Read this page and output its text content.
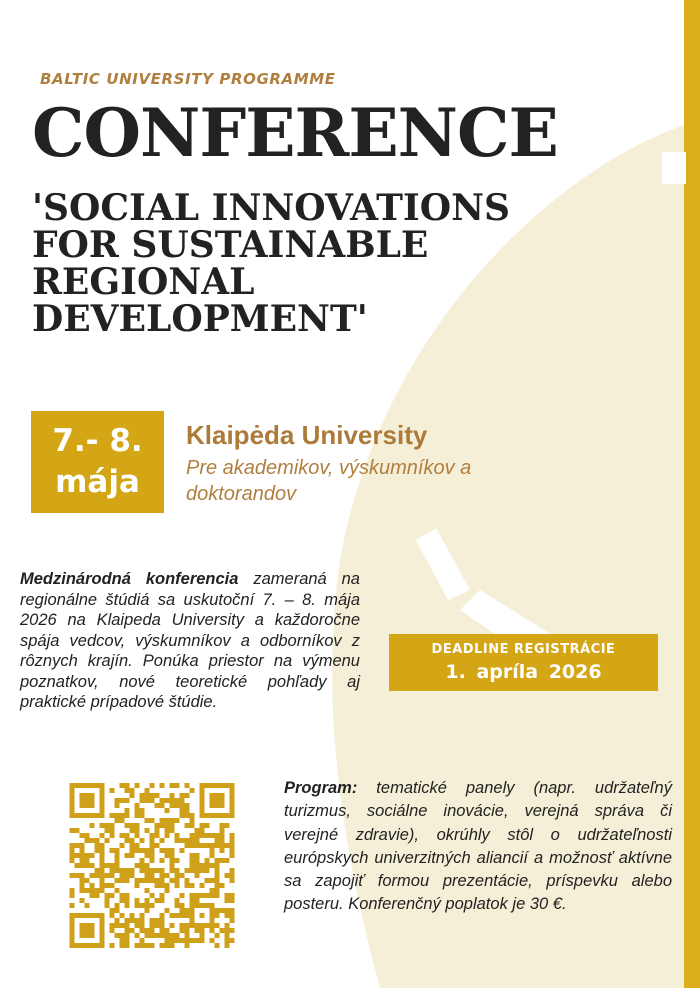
BALTIC UNIVERSITY PROGRAMME
CONFERENCE
'SOCIAL INNOVATIONS FOR SUSTAINABLE REGIONAL DEVELOPMENT'
7.- 8.
mája
Klaipėda University
Pre akademikov, výskumníkov a doktorandov
Medzinárodná konferencia zameraná na regionálne štúdiá sa uskutoční 7. – 8. mája 2026 na Klaipeda University a každoročne spája vedcov, výskumníkov a odborníkov z rôznych krajín. Ponúka priestor na výmenu poznatkov, nové teoretické pohľady aj praktické prípadové štúdie.
DEADLINE REGISTRÁCIE
1. apríla 2026
Program: tematické panely (napr. udržateľný turizmus, sociálne inovácie, verejná správa či verejné zdravie), okrúhly stôl o udržateľnosti európskych univerzitných aliancií a možnosť aktívne sa zapojiť formou prezentácie, príspevku alebo posteru. Konferenčný poplatok je 30 €.
